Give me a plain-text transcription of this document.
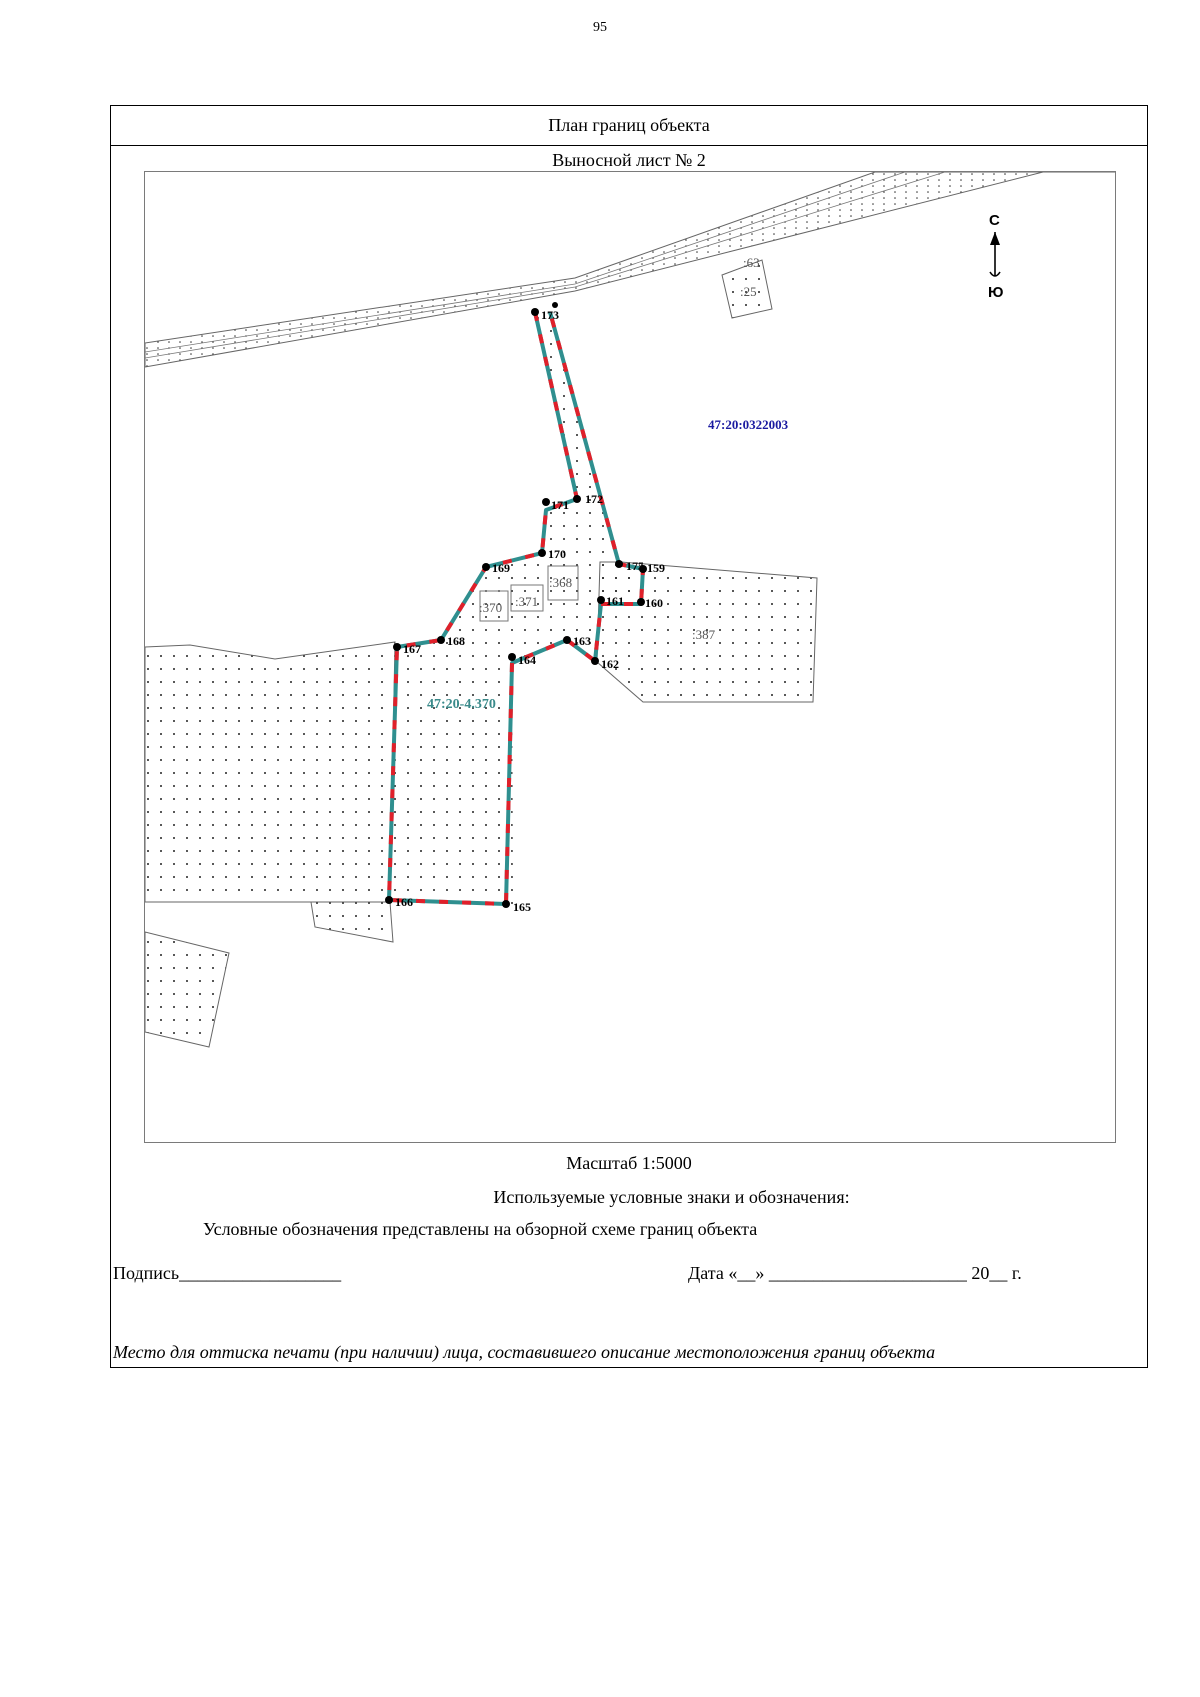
95
План границ объекта
Выносной лист № 2
173
172
171
170
169
168
167
166	165
164
163
162
161 160
159
175
:63
:25
:368
:370 :371
:387
47:20:0322003
47:20-4.370
С
Ю
Масштаб 1:5000
Используемые условные знаки и обозначения:
Условные обозначения представлены на обзорной схеме границ объекта
Подпись__________________	Дата «__» ______________________ 20__ г.
Место для оттиска печати (при наличии) лица, составившего описание местоположения границ объекта
